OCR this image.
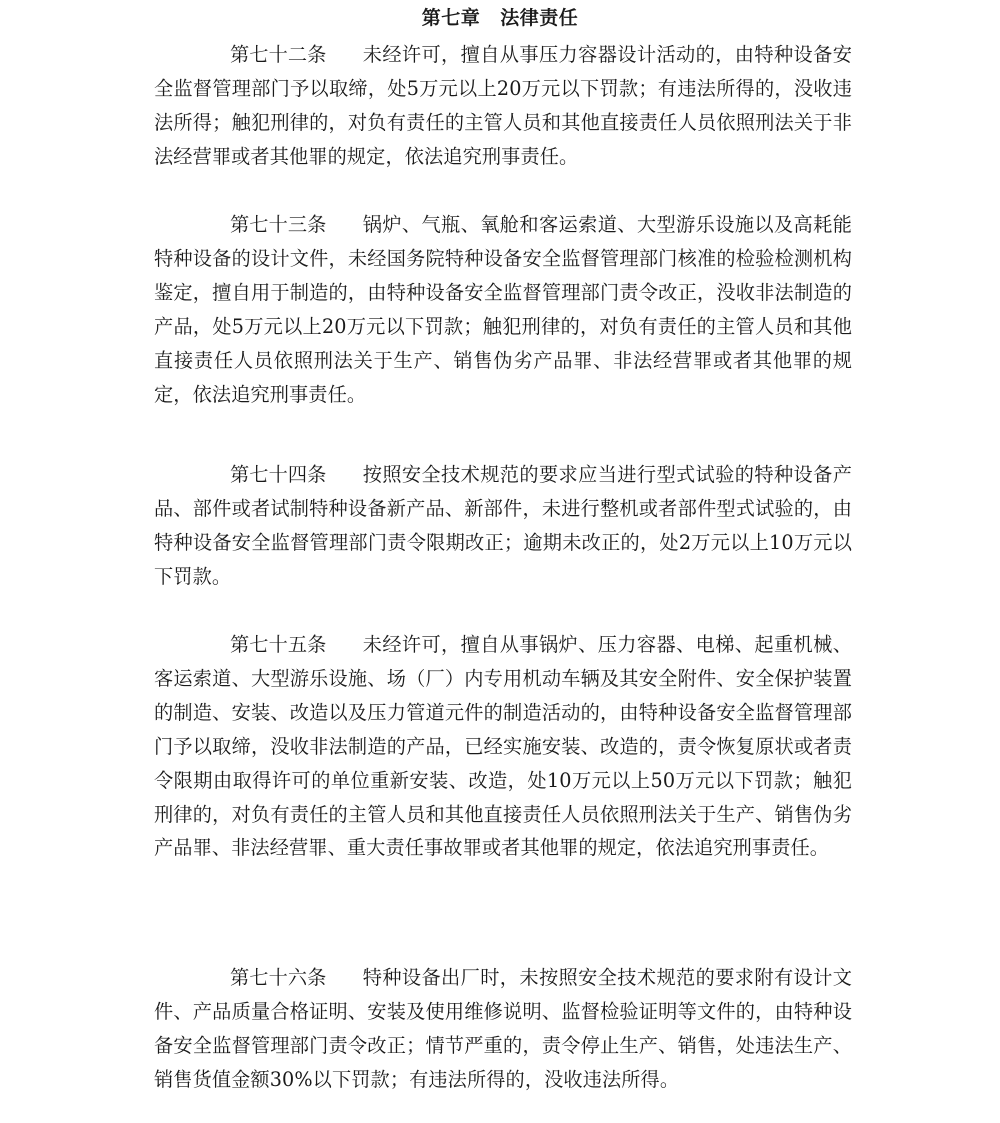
第七章 法律责任

第七十二条 未经许可，擅自从事压力容器设计活动的，由特种设备安全监督管理部门予以取缔，处5万元以上20万元以下罚款；有违法所得的，没收违法所得；触犯刑律的，对负有责任的主管人员和其他直接责任人员依照刑法关于非法经营罪或者其他罪的规定，依法追究刑事责任。

第七十三条 锅炉、气瓶、氧舱和客运索道、大型游乐设施以及高耗能特种设备的设计文件，未经国务院特种设备安全监督管理部门核准的检验检测机构鉴定，擅自用于制造的，由特种设备安全监督管理部门责令改正，没收非法制造的产品，处5万元以上20万元以下罚款；触犯刑律的，对负有责任的主管人员和其他直接责任人员依照刑法关于生产、销售伪劣产品罪、非法经营罪或者其他罪的规定，依法追究刑事责任。

第七十四条 按照安全技术规范的要求应当进行型式试验的特种设备产品、部件或者试制特种设备新产品、新部件，未进行整机或者部件型式试验的，由特种设备安全监督管理部门责令限期改正；逾期未改正的，处2万元以上10万元以下罚款。

第七十五条 未经许可，擅自从事锅炉、压力容器、电梯、起重机械、客运索道、大型游乐设施、场（厂）内专用机动车辆及其安全附件、安全保护装置的制造、安装、改造以及压力管道元件的制造活动的，由特种设备安全监督管理部门予以取缔，没收非法制造的产品，已经实施安装、改造的，责令恢复原状或者责令限期由取得许可的单位重新安装、改造，处10万元以上50万元以下罚款；触犯刑律的，对负有责任的主管人员和其他直接责任人员依照刑法关于生产、销售伪劣产品罪、非法经营罪、重大责任事故罪或者其他罪的规定，依法追究刑事责任。

第七十六条 特种设备出厂时，未按照安全技术规范的要求附有设计文件、产品质量合格证明、安装及使用维修说明、监督检验证明等文件的，由特种设备安全监督管理部门责令改正；情节严重的，责令停止生产、销售，处违法生产、销售货值金额30%以下罚款；有违法所得的，没收违法所得。
